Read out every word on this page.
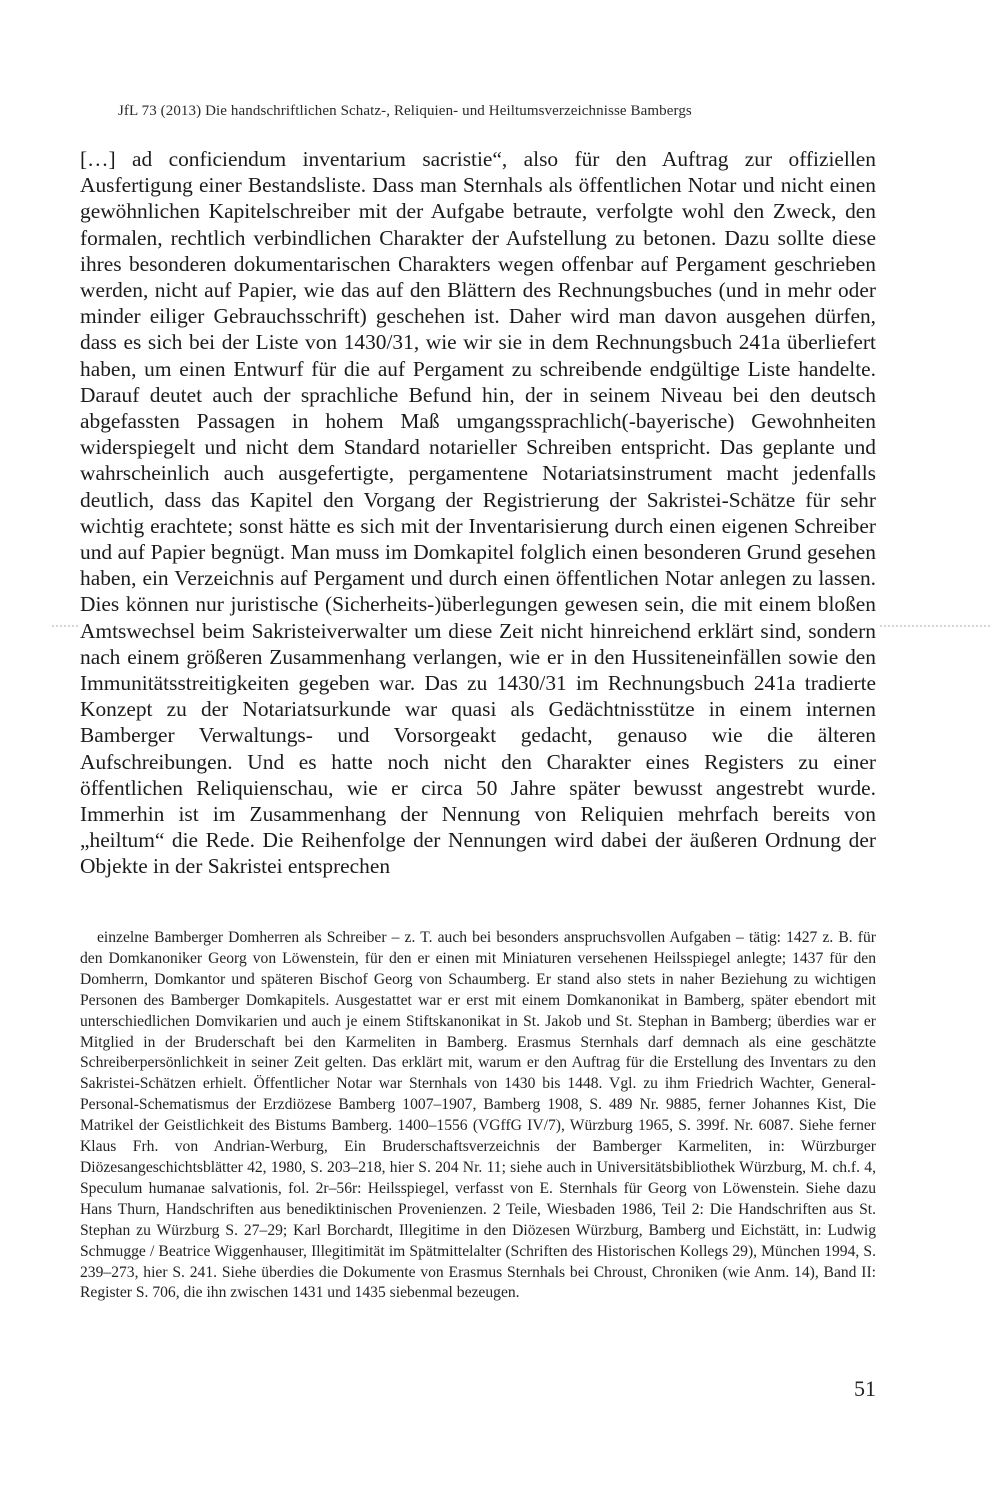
JfL 73 (2013) Die handschriftlichen Schatz-, Reliquien- und Heiltumsverzeichnisse Bambergs

[…] ad conficiendum inventarium sacristie“, also für den Auftrag zur offiziellen Ausfertigung einer Bestandsliste. Dass man Sternhals als öffentlichen Notar und nicht einen gewöhnlichen Kapitelschreiber mit der Aufgabe betraute, verfolgte wohl den Zweck, den formalen, rechtlich verbindlichen Charakter der Aufstellung zu betonen. Dazu sollte diese ihres besonderen dokumentarischen Charakters wegen offenbar auf Pergament geschrieben werden, nicht auf Papier, wie das auf den Blättern des Rechnungsbuches (und in mehr oder minder eiliger Gebrauchsschrift) geschehen ist. Daher wird man davon ausgehen dürfen, dass es sich bei der Liste von 1430/31, wie wir sie in dem Rechnungsbuch 241a überliefert haben, um einen Entwurf für die auf Pergament zu schreibende endgültige Liste handelte. Darauf deutet auch der sprachliche Befund hin, der in seinem Niveau bei den deutsch abgefassten Passagen in hohem Maß umgangssprachlich(-bayerische) Gewohnheiten widerspiegelt und nicht dem Standard notarieller Schreiben entspricht. Das geplante und wahrscheinlich auch ausgefertigte, pergamentene Notariatsinstrument macht jedenfalls deutlich, dass das Kapitel den Vorgang der Registrierung der Sakristei-Schätze für sehr wichtig erachtete; sonst hätte es sich mit der Inventarisierung durch einen eigenen Schreiber und auf Papier begnügt. Man muss im Domkapitel folglich einen besonderen Grund gesehen haben, ein Verzeichnis auf Pergament und durch einen öffentlichen Notar anlegen zu lassen. Dies können nur juristische (Sicherheits-)überlegungen gewesen sein, die mit einem bloßen Amtswechsel beim Sakristeiverwalter um diese Zeit nicht hinreichend erklärt sind, sondern nach einem größeren Zusammenhang verlangen, wie er in den Hussiteneinfällen sowie den Immunitätsstreitigkeiten gegeben war. Das zu 1430/31 im Rechnungsbuch 241a tradierte Konzept zu der Notariatsurkunde war quasi als Gedächtnisstütze in einem internen Bamberger Verwaltungs- und Vorsorgeakt gedacht, genauso wie die älteren Aufschreibungen. Und es hatte noch nicht den Charakter eines Registers zu einer öffentlichen Reliquienschau, wie er circa 50 Jahre später bewusst angestrebt wurde. Immerhin ist im Zusammenhang der Nennung von Reliquien mehrfach bereits von „heiltum“ die Rede. Die Reihenfolge der Nennungen wird dabei der äußeren Ordnung der Objekte in der Sakristei entsprechen

einzelne Bamberger Domherren als Schreiber – z. T. auch bei besonders anspruchsvollen Aufgaben – tätig: 1427 z. B. für den Domkanoniker Georg von Löwenstein, für den er einen mit Miniaturen versehenen Heilsspiegel anlegte; 1437 für den Domherrn, Domkantor und späteren Bischof Georg von Schaumberg. Er stand also stets in naher Beziehung zu wichtigen Personen des Bamberger Domkapitels. Ausgestattet war er erst mit einem Domkanonikat in Bamberg, später ebendort mit unterschiedlichen Domvikarien und auch je einem Stiftskanonikat in St. Jakob und St. Stephan in Bamberg; überdies war er Mitglied in der Bruderschaft bei den Karmeliten in Bamberg. Erasmus Sternhals darf demnach als eine geschätzte Schreiberpersönlichkeit in seiner Zeit gelten. Das erklärt mit, warum er den Auftrag für die Erstellung des Inventars zu den Sakristei-Schätzen erhielt. Öffentlicher Notar war Sternhals von 1430 bis 1448. Vgl. zu ihm Friedrich Wachter, General-Personal-Schematismus der Erzdiözese Bamberg 1007–1907, Bamberg 1908, S. 489 Nr. 9885, ferner Johannes Kist, Die Matrikel der Geistlichkeit des Bistums Bamberg. 1400–1556 (VGffG IV/7), Würzburg 1965, S. 399f. Nr. 6087. Siehe ferner Klaus Frh. von Andrian-Werburg, Ein Bruderschaftsverzeichnis der Bamberger Karmeliten, in: Würzburger Diözesangeschichtsblätter 42, 1980, S. 203–218, hier S. 204 Nr. 11; siehe auch in Universitätsbibliothek Würzburg, M. ch.f. 4, Speculum humanae salvationis, fol. 2r–56r: Heilsspiegel, verfasst von E. Sternhals für Georg von Löwenstein. Siehe dazu Hans Thurn, Handschriften aus benediktinischen Provenienzen. 2 Teile, Wiesbaden 1986, Teil 2: Die Handschriften aus St. Stephan zu Würzburg S. 27–29; Karl Borchardt, Illegitime in den Diözesen Würzburg, Bamberg und Eichstätt, in: Ludwig Schmugge / Beatrice Wiggenhauser, Illegitimität im Spätmittelalter (Schriften des Historischen Kollegs 29), München 1994, S. 239–273, hier S. 241. Siehe überdies die Dokumente von Erasmus Sternhals bei Chroust, Chroniken (wie Anm. 14), Band II: Register S. 706, die ihn zwischen 1431 und 1435 siebenmal bezeugen.

51
